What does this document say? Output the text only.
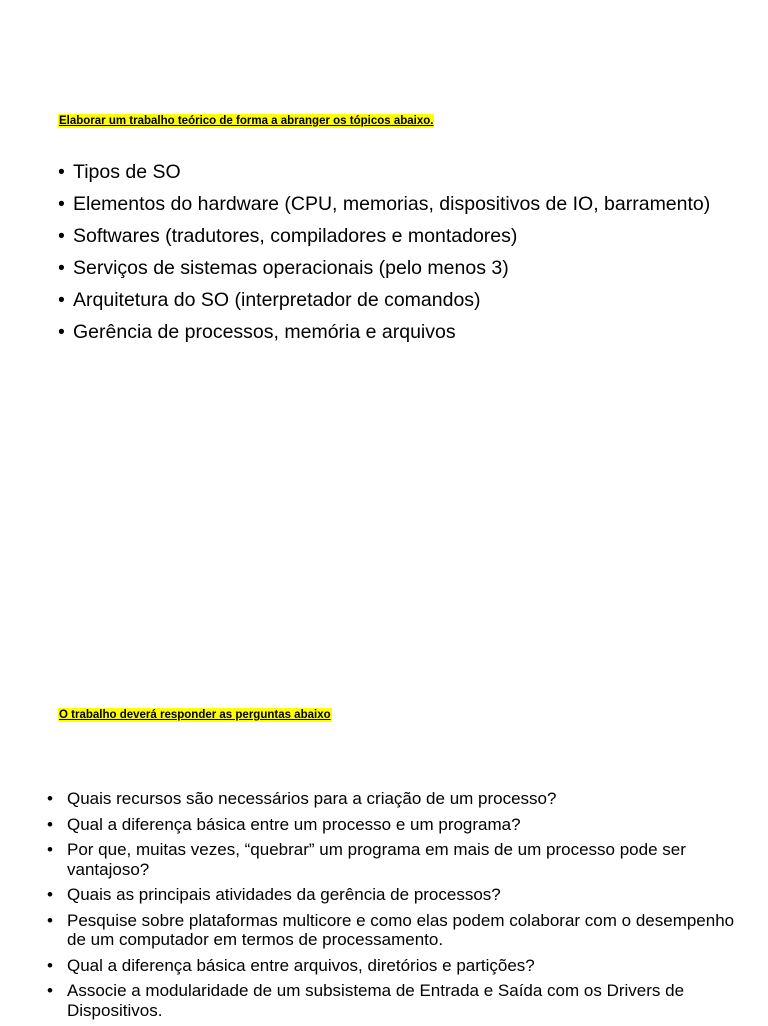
Elaborar um trabalho teórico de forma a abranger os tópicos abaixo.
• Tipos de SO
• Elementos do hardware (CPU, memorias, dispositivos de IO, barramento)
• Softwares (tradutores, compiladores e montadores)
• Serviços de sistemas operacionais (pelo menos 3)
• Arquitetura do SO (interpretador de comandos)
• Gerência de processos, memória e arquivos
O trabalho deverá responder as perguntas abaixo
• Quais recursos são necessários para a criação de um processo?
• Qual a diferença básica entre um processo e um programa?
• Por que, muitas vezes, “quebrar” um programa em mais de um processo pode ser vantajoso?
• Quais as principais atividades da gerência de processos?
• Pesquise sobre plataformas multicore e como elas podem colaborar com o desempenho de um computador em termos de processamento.
• Qual a diferença básica entre arquivos, diretórios e partições?
• Associe a modularidade de um subsistema de Entrada e Saída com os Drivers de Dispositivos.
